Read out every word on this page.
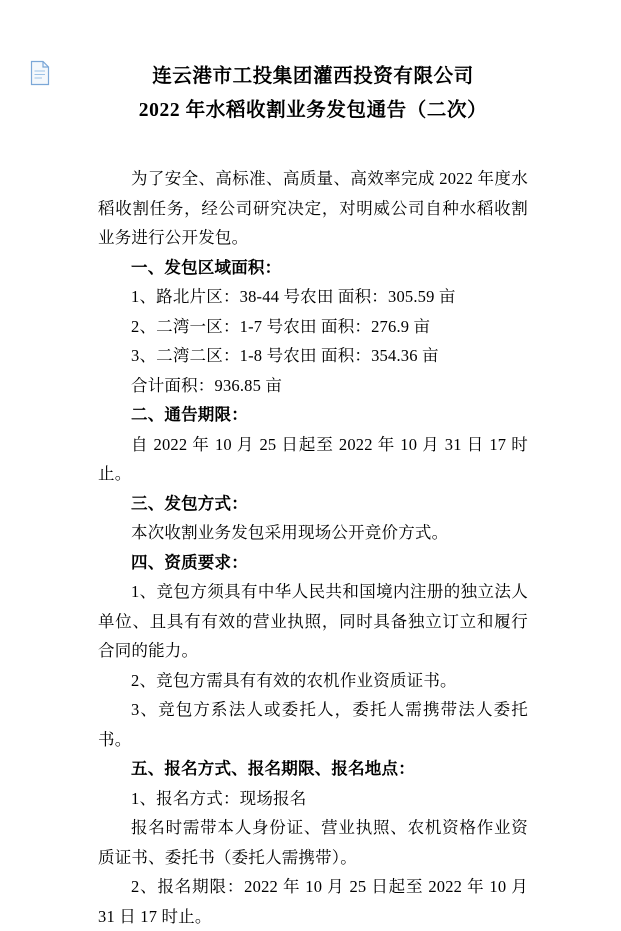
连云港市工投集团灌西投资有限公司
2022 年水稻收割业务发包通告（二次）

为了安全、高标准、高质量、高效率完成 2022 年度水稻收割任务，经公司研究决定，对明威公司自种水稻收割业务进行公开发包。

一、发包区域面积：

1、路北片区：38-44 号农田 面积：305.59 亩

2、二湾一区：1-7 号农田 面积：276.9 亩

3、二湾二区：1-8 号农田 面积：354.36 亩

合计面积：936.85 亩

二、通告期限：

自 2022 年 10 月 25 日起至 2022 年 10 月 31 日 17 时止。

三、发包方式：

本次收割业务发包采用现场公开竞价方式。

四、资质要求：

1、竞包方须具有中华人民共和国境内注册的独立法人单位、且具有有效的营业执照，同时具备独立订立和履行合同的能力。

2、竞包方需具有有效的农机作业资质证书。

3、竞包方系法人或委托人，委托人需携带法人委托书。

五、报名方式、报名期限、报名地点：

1、报名方式：现场报名

报名时需带本人身份证、营业执照、农机资格作业资质证书、委托书（委托人需携带）。

2、报名期限：2022 年 10 月 25 日起至 2022 年 10 月 31 日 17 时止。
